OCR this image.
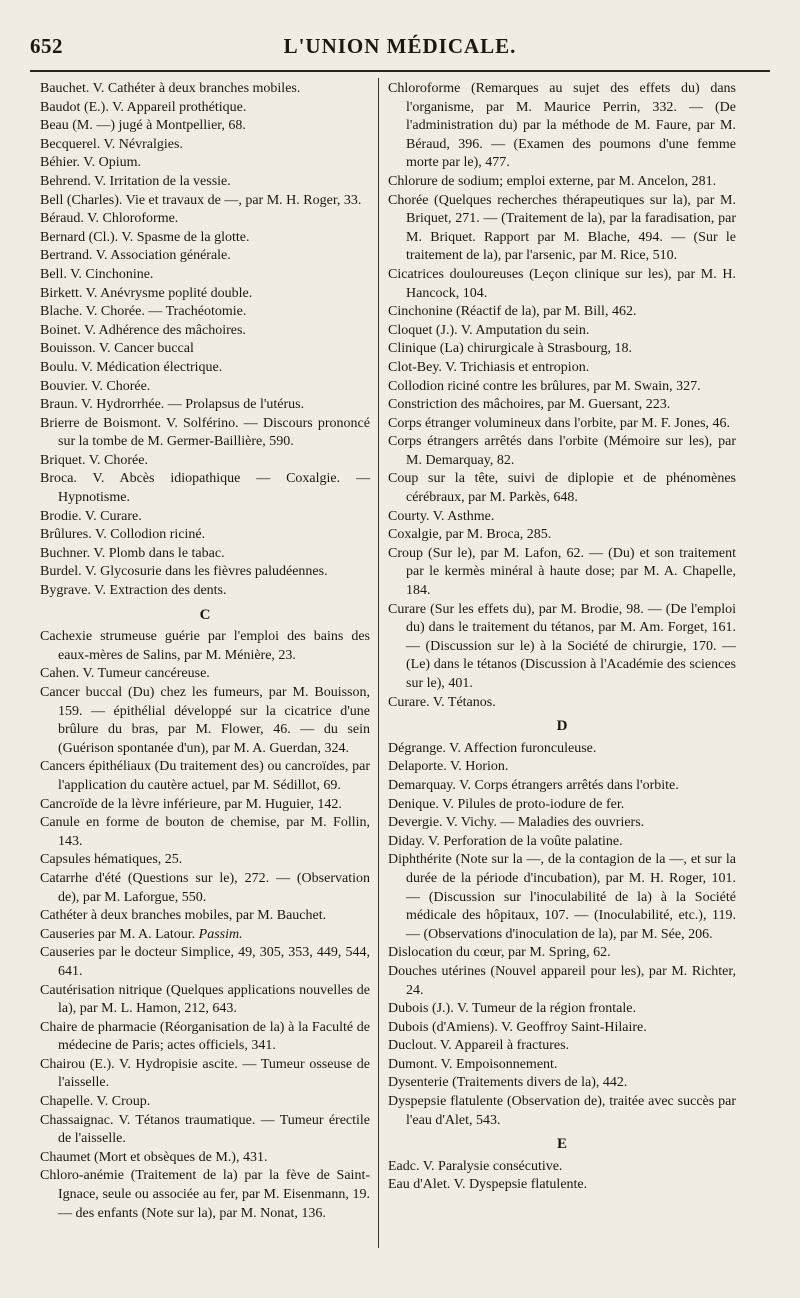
652	L'UNION MÉDICALE.

Bauchet. V. Cathéter à deux branches mobiles.

Baudot (E.). V. Appareil prothétique.

Beau (M. —) jugé à Montpellier, 68.

Becquerel. V. Névralgies.

Béhier. V. Opium.

Behrend. V. Irritation de la vessie.

Bell (Charles). Vie et travaux de —, par M. H. Roger, 33.

Béraud. V. Chloroforme.

Bernard (Cl.). V. Spasme de la glotte.

Bertrand. V. Association générale.

Bell. V. Cinchonine.

Birkett. V. Anévrysme poplité double.

Blache. V. Chorée. — Trachéotomie.

Boinet. V. Adhérence des mâchoires.

Bouisson. V. Cancer buccal

Boulu. V. Médication électrique.

Bouvier. V. Chorée.

Braun. V. Hydrorrhée. — Prolapsus de l'utérus.

Brierre de Boismont. V. Solférino. — Discours prononcé sur la tombe de M. Germer-Baillière, 590.

Briquet. V. Chorée.

Broca. V. Abcès idiopathique — Coxalgie. — Hypnotisme.

Brodie. V. Curare.

Brûlures. V. Collodion riciné.

Buchner. V. Plomb dans le tabac.

Burdel. V. Glycosurie dans les fièvres paludéennes.

Bygrave. V. Extraction des dents.

C

Cachexie strumeuse guérie par l'emploi des bains des eaux-mères de Salins, par M. Ménière, 23.

Cahen. V. Tumeur cancéreuse.

Cancer buccal (Du) chez les fumeurs, par M. Bouisson, 159. — épithélial développé sur la cicatrice d'une brûlure du bras, par M. Flower, 46. — du sein (Guérison spontanée d'un), par M. A. Guerdan, 324.

Cancers épithéliaux (Du traitement des) ou cancroïdes, par l'application du cautère actuel, par M. Sédillot, 69.

Cancroïde de la lèvre inférieure, par M. Huguier, 142.

Canule en forme de bouton de chemise, par M. Follin, 143.

Capsules hématiques, 25.

Catarrhe d'été (Questions sur le), 272. — (Observation de), par M. Laforgue, 550.

Cathéter à deux branches mobiles, par M. Bauchet.

Causeries par M. A. Latour. Passim.

Causeries par le docteur Simplice, 49, 305, 353, 449, 544, 641.

Cautérisation nitrique (Quelques applications nouvelles de la), par M. L. Hamon, 212, 643.

Chaire de pharmacie (Réorganisation de la) à la Faculté de médecine de Paris; actes officiels, 341.

Chairou (E.). V. Hydropisie ascite. — Tumeur osseuse de l'aisselle.

Chapelle. V. Croup.

Chassaignac. V. Tétanos traumatique. — Tumeur érectile de l'aisselle.

Chaumet (Mort et obsèques de M.), 431.

Chloro-anémie (Traitement de la) par la fève de Saint-Ignace, seule ou associée au fer, par M. Eisenmann, 19. — des enfants (Note sur la), par M. Nonat, 136.

Chloroforme (Remarques au sujet des effets du) dans l'organisme, par M. Maurice Perrin, 332. — (De l'administration du) par la méthode de M. Faure, par M. Béraud, 396. — (Examen des poumons d'une femme morte par le), 477.

Chlorure de sodium; emploi externe, par M. Ancelon, 281.

Chorée (Quelques recherches thérapeutiques sur la), par M. Briquet, 271. — (Traitement de la), par la faradisation, par M. Briquet. Rapport par M. Blache, 494. — (Sur le traitement de la), par l'arsenic, par M. Rice, 510.

Cicatrices douloureuses (Leçon clinique sur les), par M. H. Hancock, 104.

Cinchonine (Réactif de la), par M. Bill, 462.

Cloquet (J.). V. Amputation du sein.

Clinique (La) chirurgicale à Strasbourg, 18.

Clot-Bey. V. Trichiasis et entropion.

Collodion riciné contre les brûlures, par M. Swain, 327.

Constriction des mâchoires, par M. Guersant, 223.

Corps étranger volumineux dans l'orbite, par M. F. Jones, 46.

Corps étrangers arrêtés dans l'orbite (Mémoire sur les), par M. Demarquay, 82.

Coup sur la tête, suivi de diplopie et de phénomènes cérébraux, par M. Parkès, 648.

Courty. V. Asthme.

Coxalgie, par M. Broca, 285.

Croup (Sur le), par M. Lafon, 62. — (Du) et son traitement par le kermès minéral à haute dose; par M. A. Chapelle, 184.

Curare (Sur les effets du), par M. Brodie, 98. — (De l'emploi du) dans le traitement du tétanos, par M. Am. Forget, 161. — (Discussion sur le) à la Société de chirurgie, 170. — (Le) dans le tétanos (Discussion à l'Académie des sciences sur le), 401.

Curare. V. Tétanos.

D

Dégrange. V. Affection furonculeuse.

Delaporte. V. Horion.

Demarquay. V. Corps étrangers arrêtés dans l'orbite.

Denique. V. Pilules de proto-iodure de fer.

Devergie. V. Vichy. — Maladies des ouvriers.

Diday. V. Perforation de la voûte palatine.

Diphthérite (Note sur la —, de la contagion de la —, et sur la durée de la période d'incubation), par M. H. Roger, 101. — (Discussion sur l'inoculabilité de la) à la Société médicale des hôpitaux, 107. — (Inoculabilité, etc.), 119. — (Observations d'inoculation de la), par M. Sée, 206.

Dislocation du cœur, par M. Spring, 62.

Douches utérines (Nouvel appareil pour les), par M. Richter, 24.

Dubois (J.). V. Tumeur de la région frontale.

Dubois (d'Amiens). V. Geoffroy Saint-Hilaire.

Duclout. V. Appareil à fractures.

Dumont. V. Empoisonnement.

Dysenterie (Traitements divers de la), 442.

Dyspepsie flatulente (Observation de), traitée avec succès par l'eau d'Alet, 543.

E

Eadc. V. Paralysie consécutive.

Eau d'Alet. V. Dyspepsie flatulente.
